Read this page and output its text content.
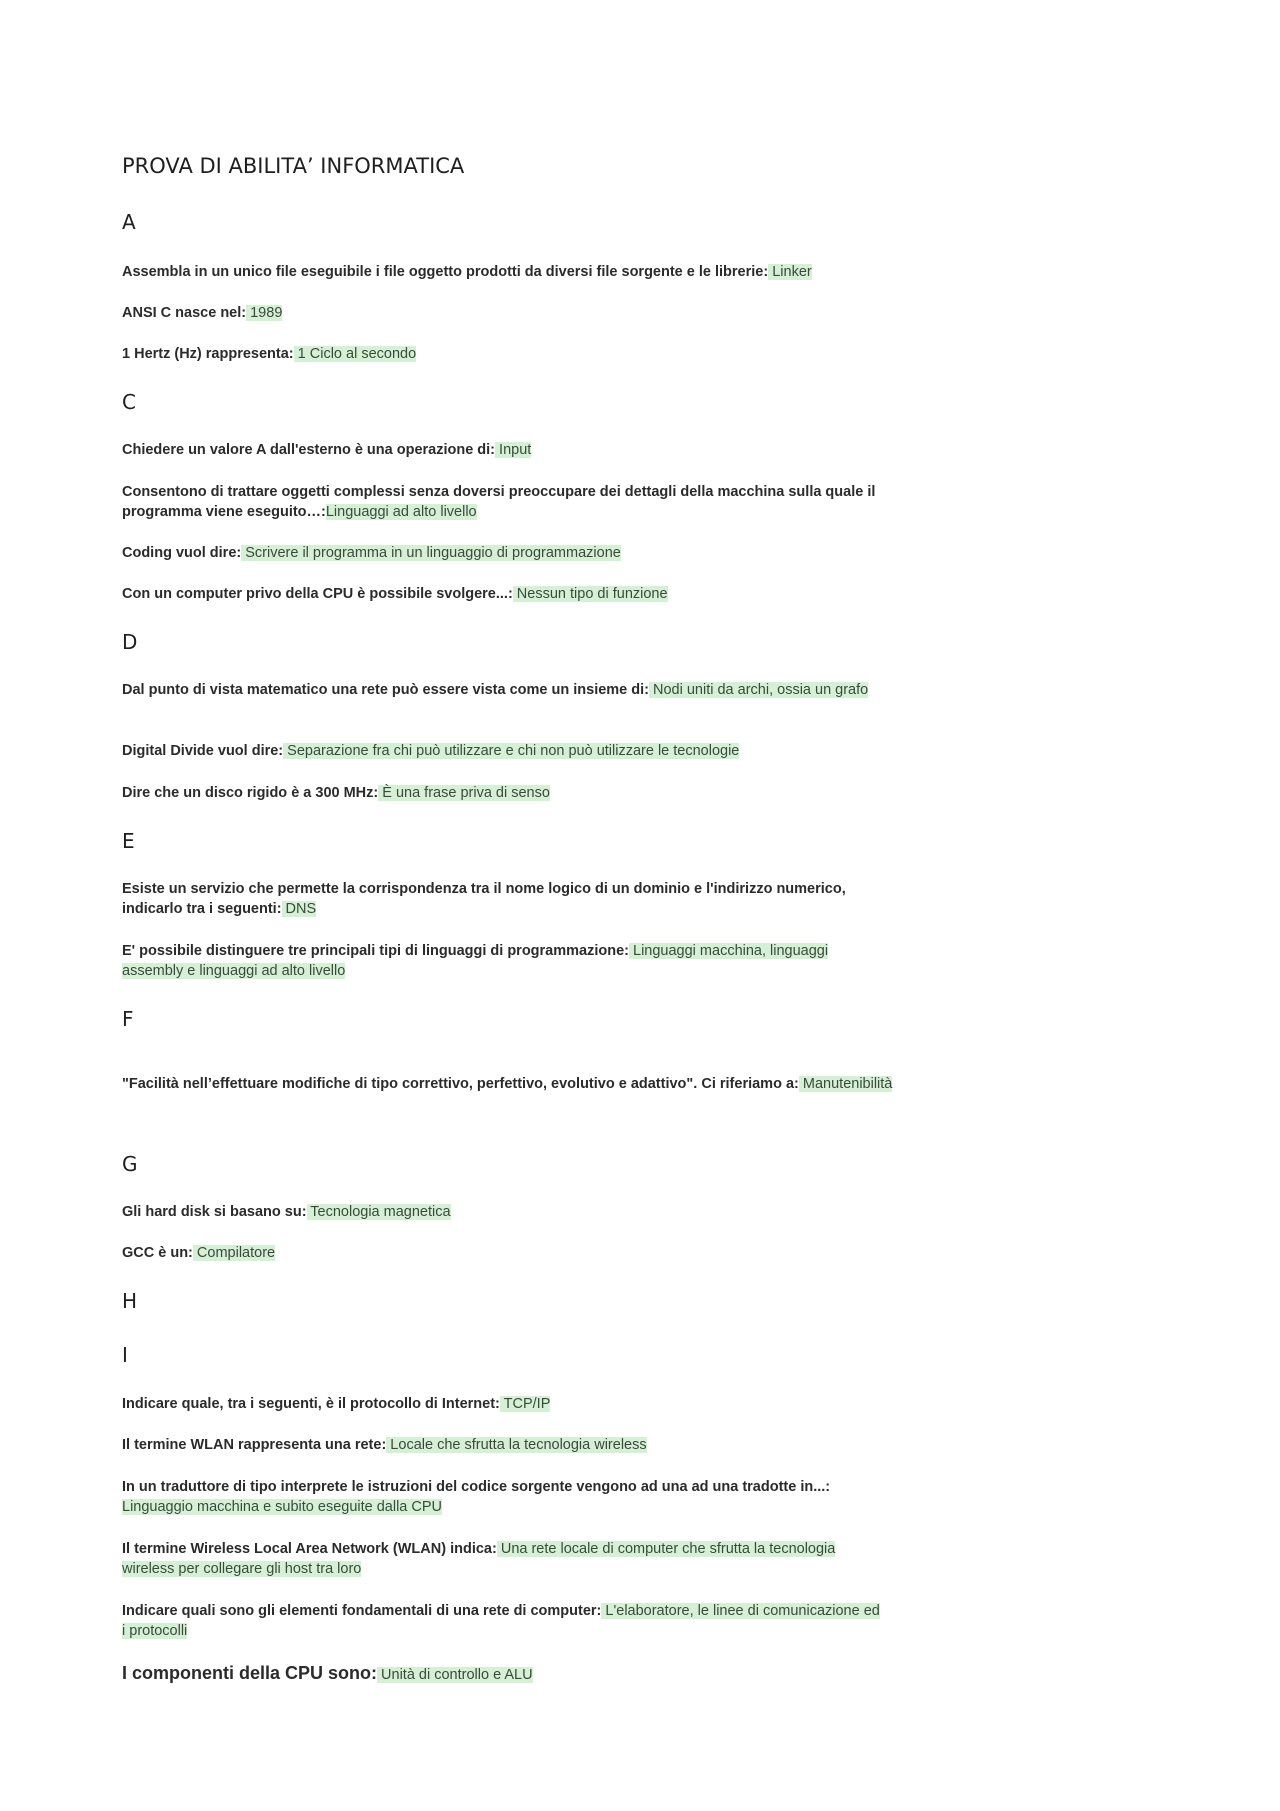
PROVA DI ABILITA’ INFORMATICA
A
Assembla in un unico file eseguibile i file oggetto prodotti da diversi file sorgente e le librerie: Linker
ANSI C nasce nel: 1989
1 Hertz (Hz) rappresenta: 1 Ciclo al secondo
C
Chiedere un valore A dall'esterno è una operazione di: Input
Consentono di trattare oggetti complessi senza doversi preoccupare dei dettagli della macchina sulla quale il programma viene eseguito…:Linguaggi ad alto livello
Coding vuol dire: Scrivere il programma in un linguaggio di programmazione
Con un computer privo della CPU è possibile svolgere...: Nessun tipo di funzione
D
Dal punto di vista matematico una rete può essere vista come un insieme di: Nodi uniti da archi, ossia un grafo
Digital Divide vuol dire: Separazione fra chi può utilizzare e chi non può utilizzare le tecnologie
Dire che un disco rigido è a 300 MHz: È una frase priva di senso
E
Esiste un servizio che permette la corrispondenza tra il nome logico di un dominio e l'indirizzo numerico, indicarlo tra i seguenti: DNS
E' possibile distinguere tre principali tipi di linguaggi di programmazione: Linguaggi macchina, linguaggi assembly e linguaggi ad alto livello
F
"Facilità nell’effettuare modifiche di tipo correttivo, perfettivo, evolutivo e adattivo". Ci riferiamo a: Manutenibilità
G
Gli hard disk si basano su: Tecnologia magnetica
GCC è un: Compilatore
H
I
Indicare quale, tra i seguenti, è il protocollo di Internet: TCP/IP
Il termine WLAN rappresenta una rete: Locale che sfrutta la tecnologia wireless
In un traduttore di tipo interprete le istruzioni del codice sorgente vengono ad una ad una tradotte in...: Linguaggio macchina e subito eseguite dalla CPU
Il termine Wireless Local Area Network (WLAN) indica: Una rete locale di computer che sfrutta la tecnologia wireless per collegare gli host tra loro
Indicare quali sono gli elementi fondamentali di una rete di computer: L'elaboratore, le linee di comunicazione ed i protocolli
I componenti della CPU sono: Unità di controllo e ALU
